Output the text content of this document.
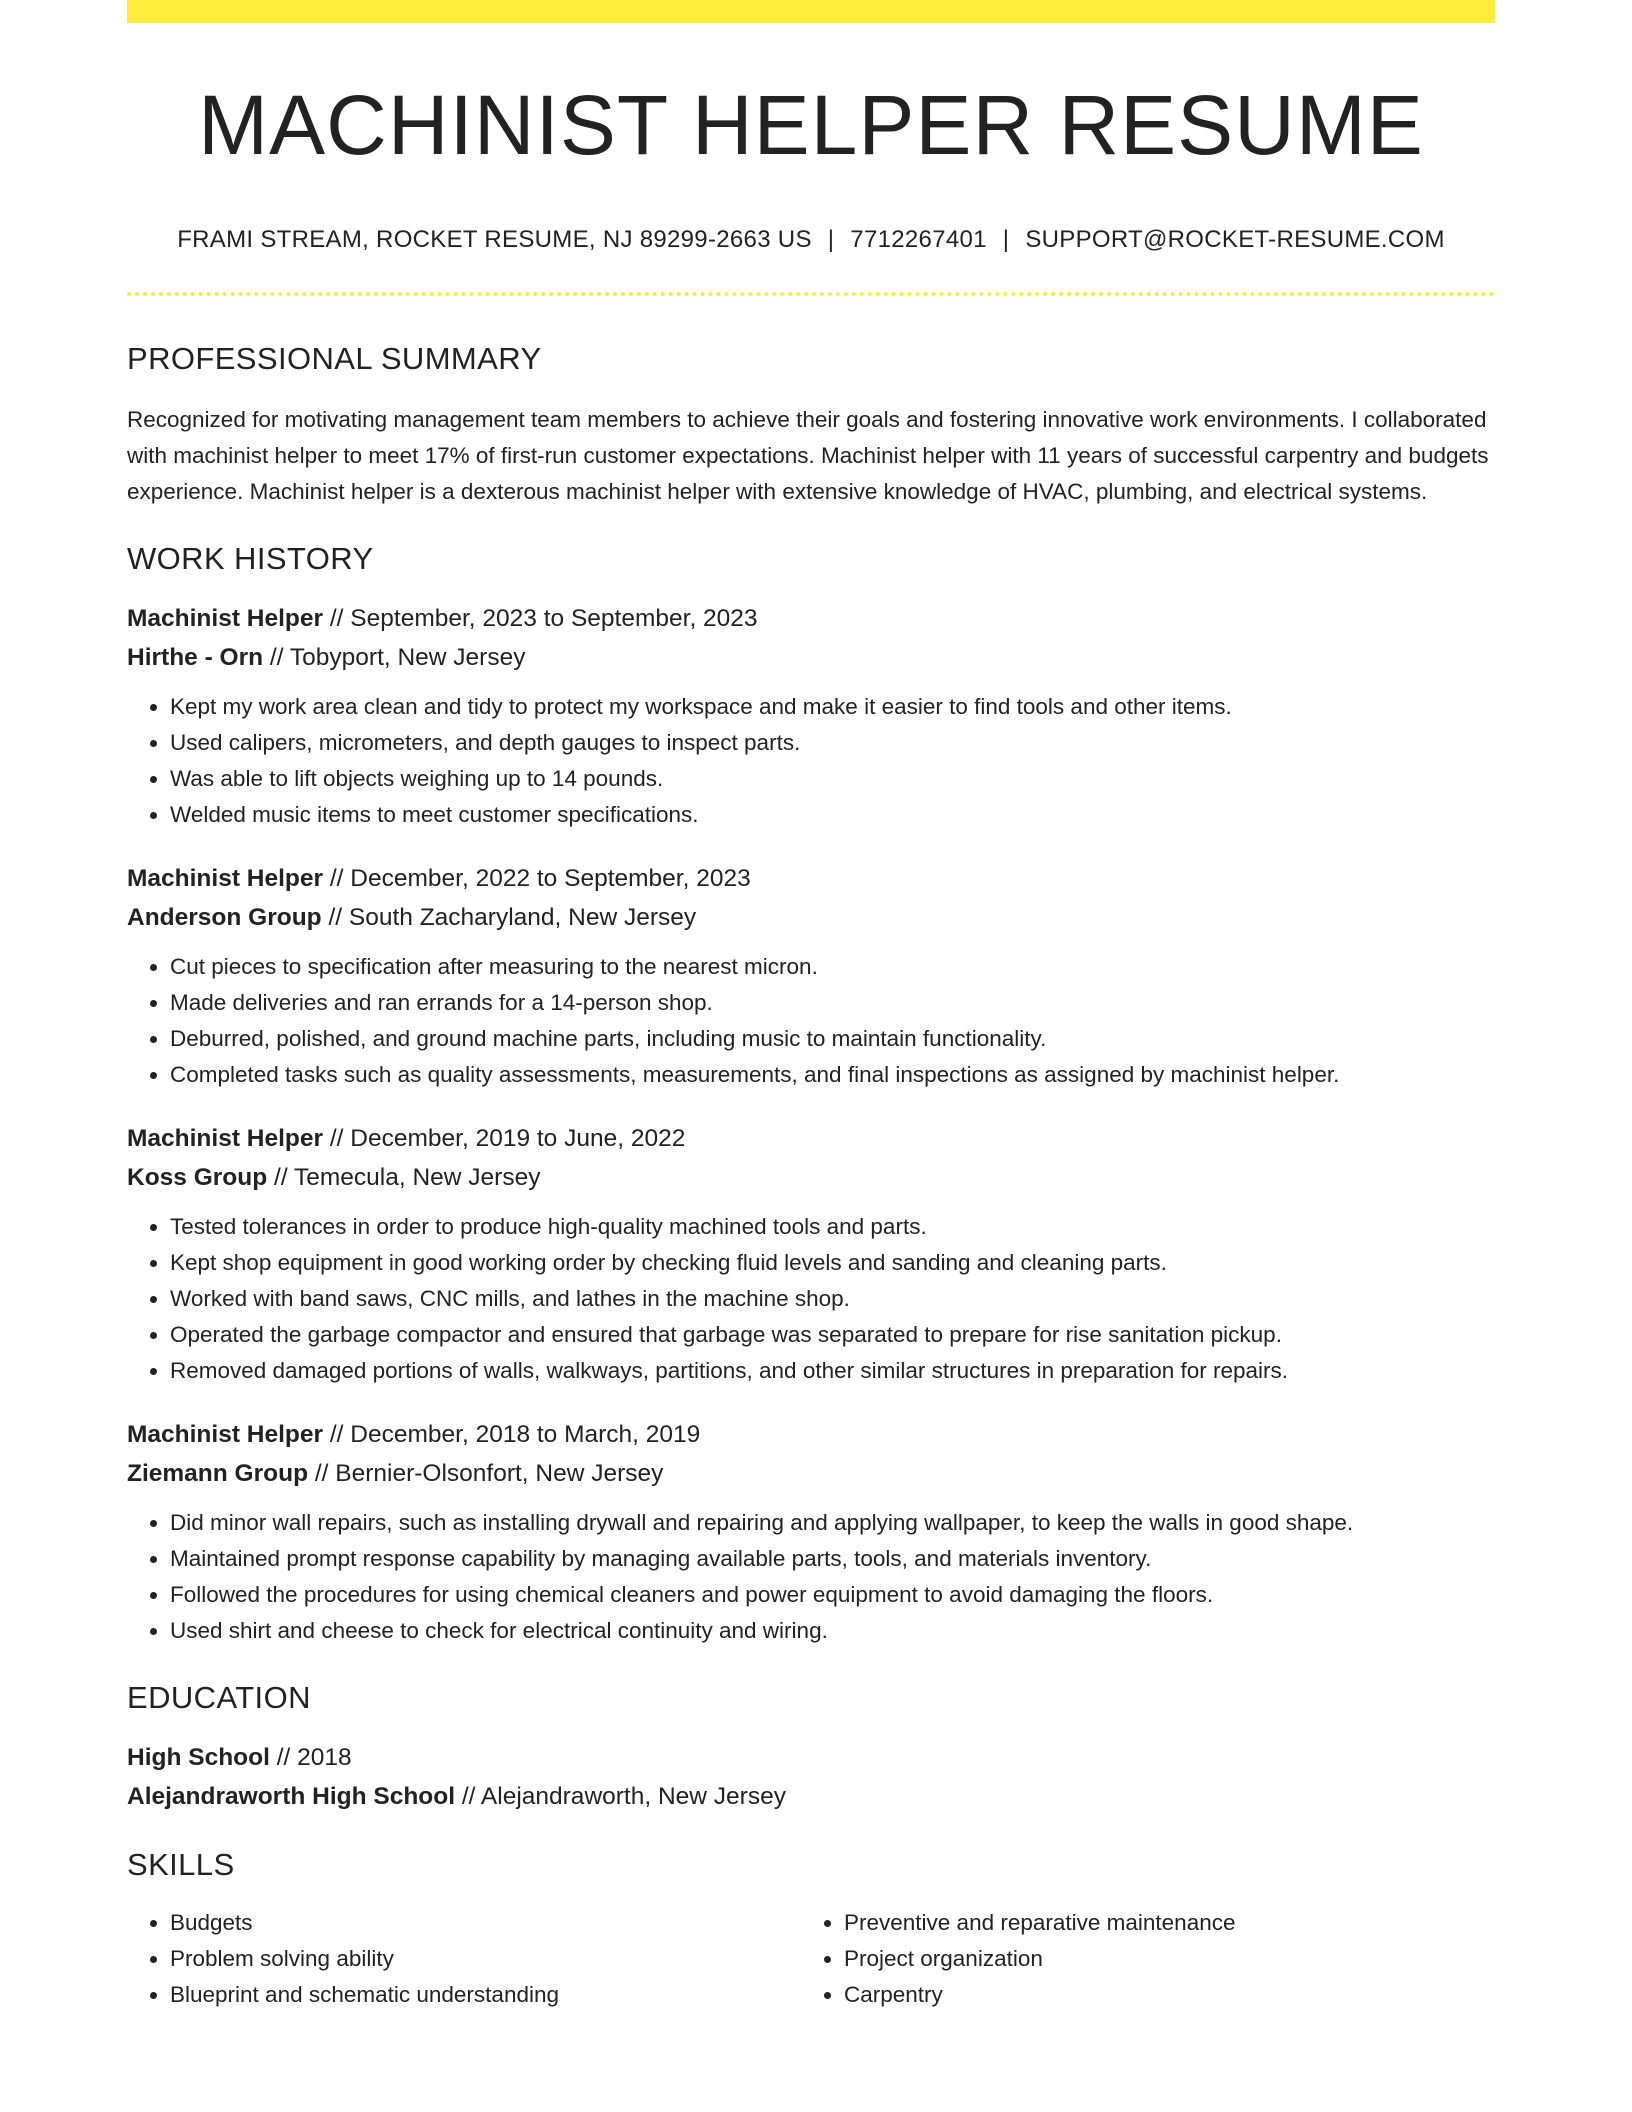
MACHINIST HELPER RESUME
FRAMI STREAM, ROCKET RESUME, NJ 89299-2663 US | 7712267401 | SUPPORT@ROCKET-RESUME.COM
PROFESSIONAL SUMMARY
Recognized for motivating management team members to achieve their goals and fostering innovative work environments. I collaborated with machinist helper to meet 17% of first-run customer expectations. Machinist helper with 11 years of successful carpentry and budgets experience. Machinist helper is a dexterous machinist helper with extensive knowledge of HVAC, plumbing, and electrical systems.
WORK HISTORY
Machinist Helper // September, 2023 to September, 2023
Hirthe - Orn // Tobyport, New Jersey
• Kept my work area clean and tidy to protect my workspace and make it easier to find tools and other items.
• Used calipers, micrometers, and depth gauges to inspect parts.
• Was able to lift objects weighing up to 14 pounds.
• Welded music items to meet customer specifications.
Machinist Helper // December, 2022 to September, 2023
Anderson Group // South Zacharyland, New Jersey
• Cut pieces to specification after measuring to the nearest micron.
• Made deliveries and ran errands for a 14-person shop.
• Deburred, polished, and ground machine parts, including music to maintain functionality.
• Completed tasks such as quality assessments, measurements, and final inspections as assigned by machinist helper.
Machinist Helper // December, 2019 to June, 2022
Koss Group // Temecula, New Jersey
• Tested tolerances in order to produce high-quality machined tools and parts.
• Kept shop equipment in good working order by checking fluid levels and sanding and cleaning parts.
• Worked with band saws, CNC mills, and lathes in the machine shop.
• Operated the garbage compactor and ensured that garbage was separated to prepare for rise sanitation pickup.
• Removed damaged portions of walls, walkways, partitions, and other similar structures in preparation for repairs.
Machinist Helper // December, 2018 to March, 2019
Ziemann Group // Bernier-Olsonfort, New Jersey
• Did minor wall repairs, such as installing drywall and repairing and applying wallpaper, to keep the walls in good shape.
• Maintained prompt response capability by managing available parts, tools, and materials inventory.
• Followed the procedures for using chemical cleaners and power equipment to avoid damaging the floors.
• Used shirt and cheese to check for electrical continuity and wiring.
EDUCATION
High School // 2018
Alejandraworth High School // Alejandraworth, New Jersey
SKILLS
• Budgets
• Problem solving ability
• Blueprint and schematic understanding
• Preventive and reparative maintenance
• Project organization
• Carpentry
